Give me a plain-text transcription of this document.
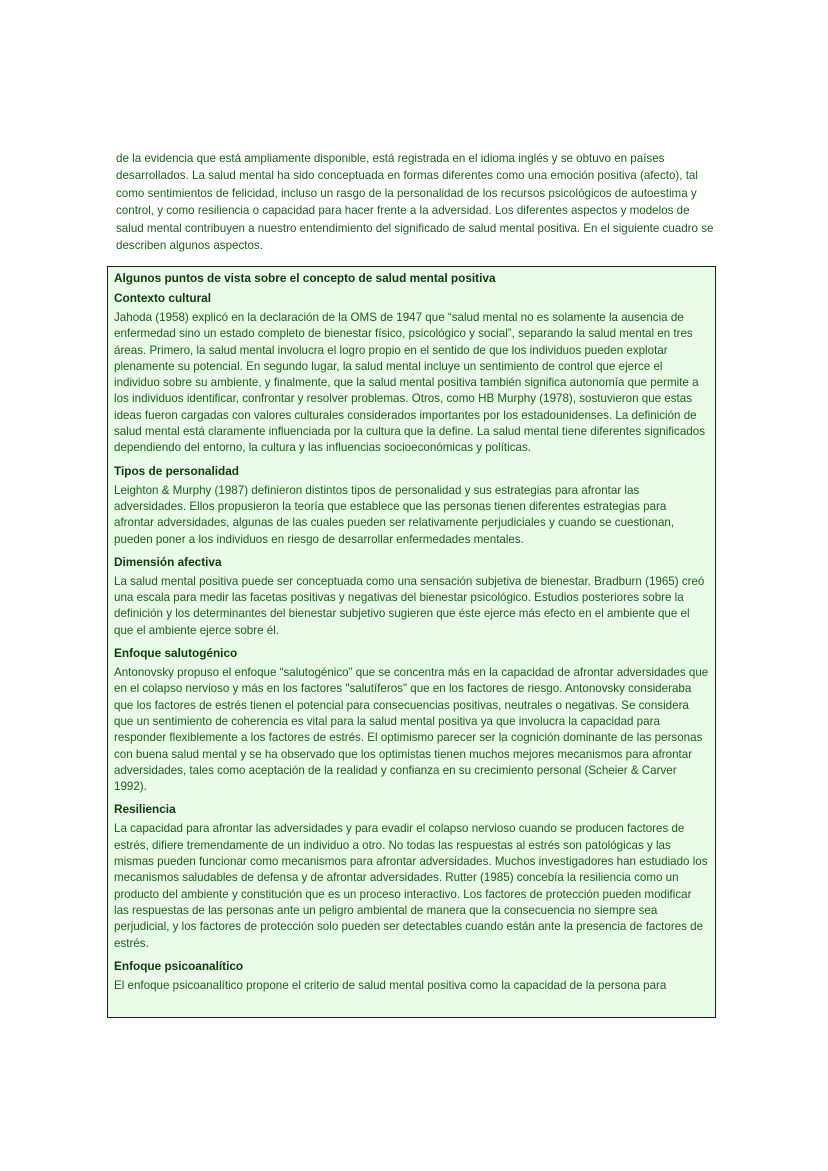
de la evidencia que está ampliamente disponible, está registrada en el idioma inglés y se obtuvo en países desarrollados. La salud mental ha sido conceptuada en formas diferentes como una emoción positiva (afecto), tal como sentimientos de felicidad, incluso un rasgo de la personalidad de los recursos psicológicos de autoestima y control, y como resiliencia o capacidad para hacer frente a la adversidad. Los diferentes aspectos y modelos de salud mental contribuyen a nuestro entendimiento del significado de salud mental positiva. En el siguiente cuadro se describen algunos aspectos.

Algunos puntos de vista sobre el concepto de salud mental positiva
Contexto cultural

Jahoda (1958) explicó en la declaración de la OMS de 1947 que “salud mental no es solamente la ausencia de enfermedad sino un estado completo de bienestar físico, psicológico y social”, separando la salud mental en tres áreas. Primero, la salud mental involucra el logro propio en el sentido de que los individuos pueden explotar plenamente su potencial. En segundo lugar, la salud mental incluye un sentimiento de control que ejerce el individuo sobre su ambiente, y finalmente, que la salud mental positiva también significa autonomía que permite a los individuos identificar, confrontar y resolver problemas. Otros, como HB Murphy (1978), sostuvieron que estas ideas fueron cargadas con valores culturales considerados importantes por los estadounidenses. La definición de salud mental está claramente influenciada por la cultura que la define. La salud mental tiene diferentes significados dependiendo del entorno, la cultura y las influencias socioeconómicas y políticas.

Tipos de personalidad

Leighton & Murphy (1987) definieron distintos tipos de personalidad y sus estrategias para afrontar las adversidades. Ellos propusieron la teoría que establece que las personas tienen diferentes estrategias para afrontar adversidades, algunas de las cuales pueden ser relativamente perjudiciales y cuando se cuestionan, pueden poner a los individuos en riesgo de desarrollar enfermedades mentales.

Dimensión afectiva

La salud mental positiva puede ser conceptuada como una sensación subjetiva de bienestar. Bradburn (1965) creó una escala para medir las facetas positivas y negativas del bienestar psicológico. Estudios posteriores sobre la definición y los determinantes del bienestar subjetivo sugieren que éste ejerce más efecto en el ambiente que el que el ambiente ejerce sobre él.

Enfoque salutogénico

Antonovsky propuso el enfoque “salutogénico” que se concentra más en la capacidad de afrontar adversidades que en el colapso nervioso y más en los factores "salutíferos" que en los factores de riesgo. Antonovsky consideraba que los factores de estrés tienen el potencial para consecuencias positivas, neutrales o negativas. Se considera que un sentimiento de coherencia es vital para la salud mental positiva ya que involucra la capacidad para responder flexiblemente a los factores de estrés. El optimismo parecer ser la cognición dominante de las personas con buena salud mental y se ha observado que los optimistas tienen muchos mejores mecanismos para afrontar adversidades, tales como aceptación de la realidad y confianza en su crecimiento personal (Scheier & Carver 1992).

Resiliencia

La capacidad para afrontar las adversidades y para evadir el colapso nervioso cuando se producen factores de estrés, difiere tremendamente de un individuo a otro. No todas las respuestas al estrés son patológicas y las mismas pueden funcionar como mecanismos para afrontar adversidades. Muchos investigadores han estudiado los mecanismos saludables de defensa y de afrontar adversidades. Rutter (1985) concebía la resiliencia como un producto del ambiente y constitución que es un proceso interactivo. Los factores de protección pueden modificar las respuestas de las personas ante un peligro ambiental de manera que la consecuencia no siempre sea perjudicial, y los factores de protección solo pueden ser detectables cuando están ante la presencia de factores de estrés.

Enfoque psicoanalítico

El enfoque psicoanalítico propone el criterio de salud mental positiva como la capacidad de la persona para
